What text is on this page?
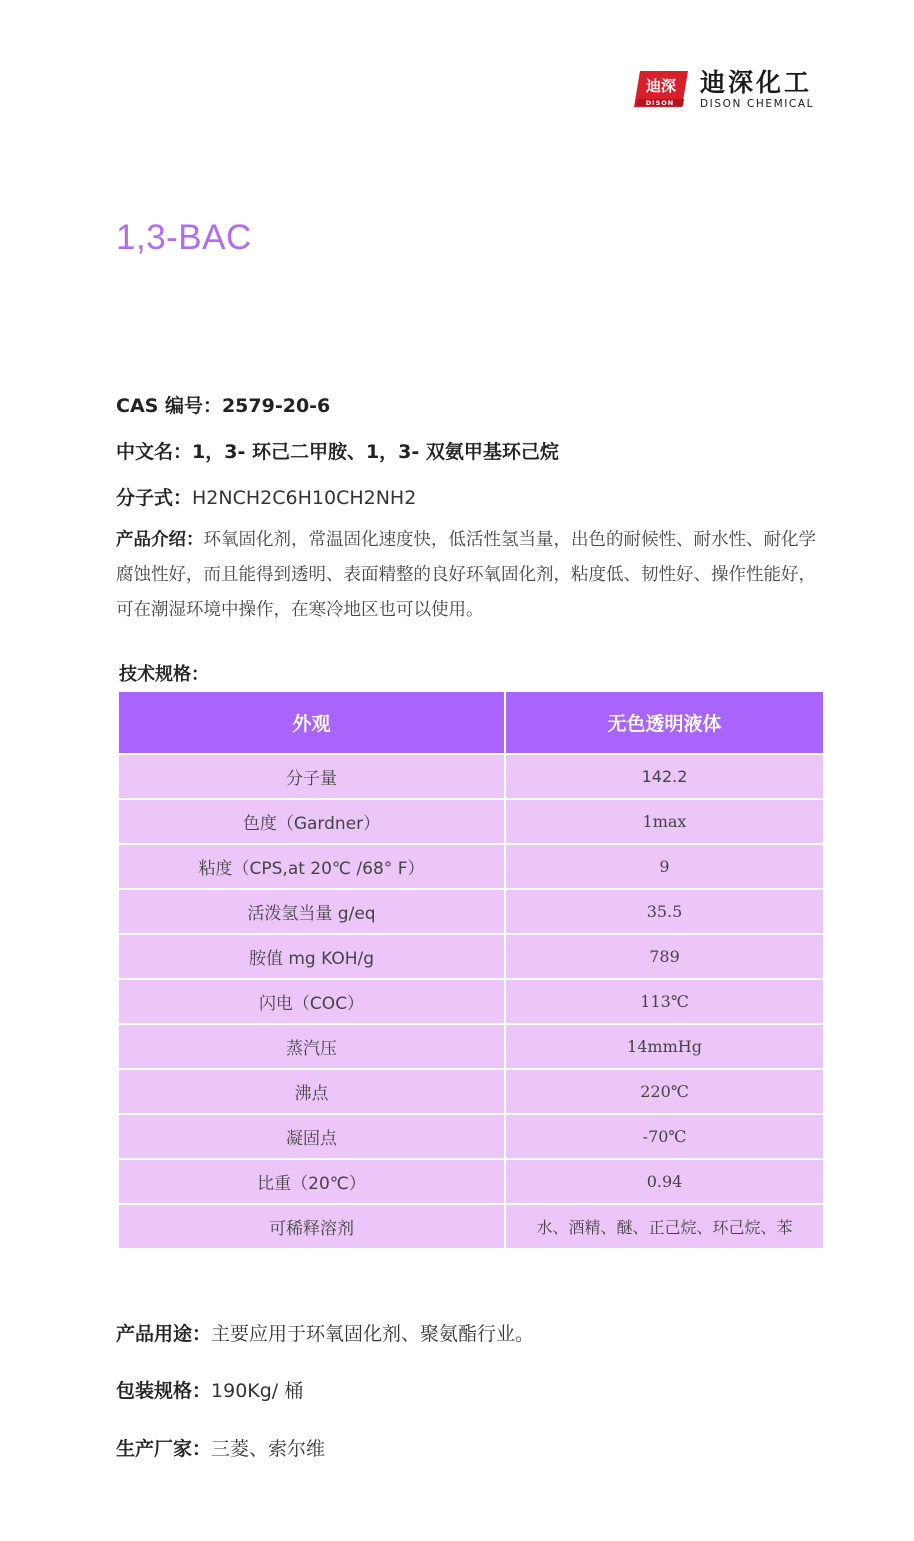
迪深
DISON
迪深化工
DISON CHEMICAL
1,3-BAC
CAS 编号：2579-20-6
中文名：1，3- 环己二甲胺、1，3- 双氨甲基环己烷
分子式：H2NCH2C6H10CH2NH2
产品介绍：环氧固化剂，常温固化速度快，低活性氢当量，出色的耐候性、耐水性、耐化学腐蚀性好，而且能得到透明、表面精整的良好环氧固化剂，粘度低、韧性好、操作性能好，可在潮湿环境中操作，在寒冷地区也可以使用。
技术规格：
外观	无色透明液体
分子量	142.2
色度（Gardner）	1max
粘度（CPS,at 20℃ /68° F）	9
活泼氢当量 g/eq	35.5
胺值 mg KOH/g	789
闪电（COC）	113℃
蒸汽压	14mmHg
沸点	220℃
凝固点	-70℃
比重（20℃）	0.94
可稀释溶剂	水、酒精、醚、正己烷、环己烷、苯
产品用途：主要应用于环氧固化剂、聚氨酯行业。
包装规格：190Kg/ 桶
生产厂家：三菱、索尔维
